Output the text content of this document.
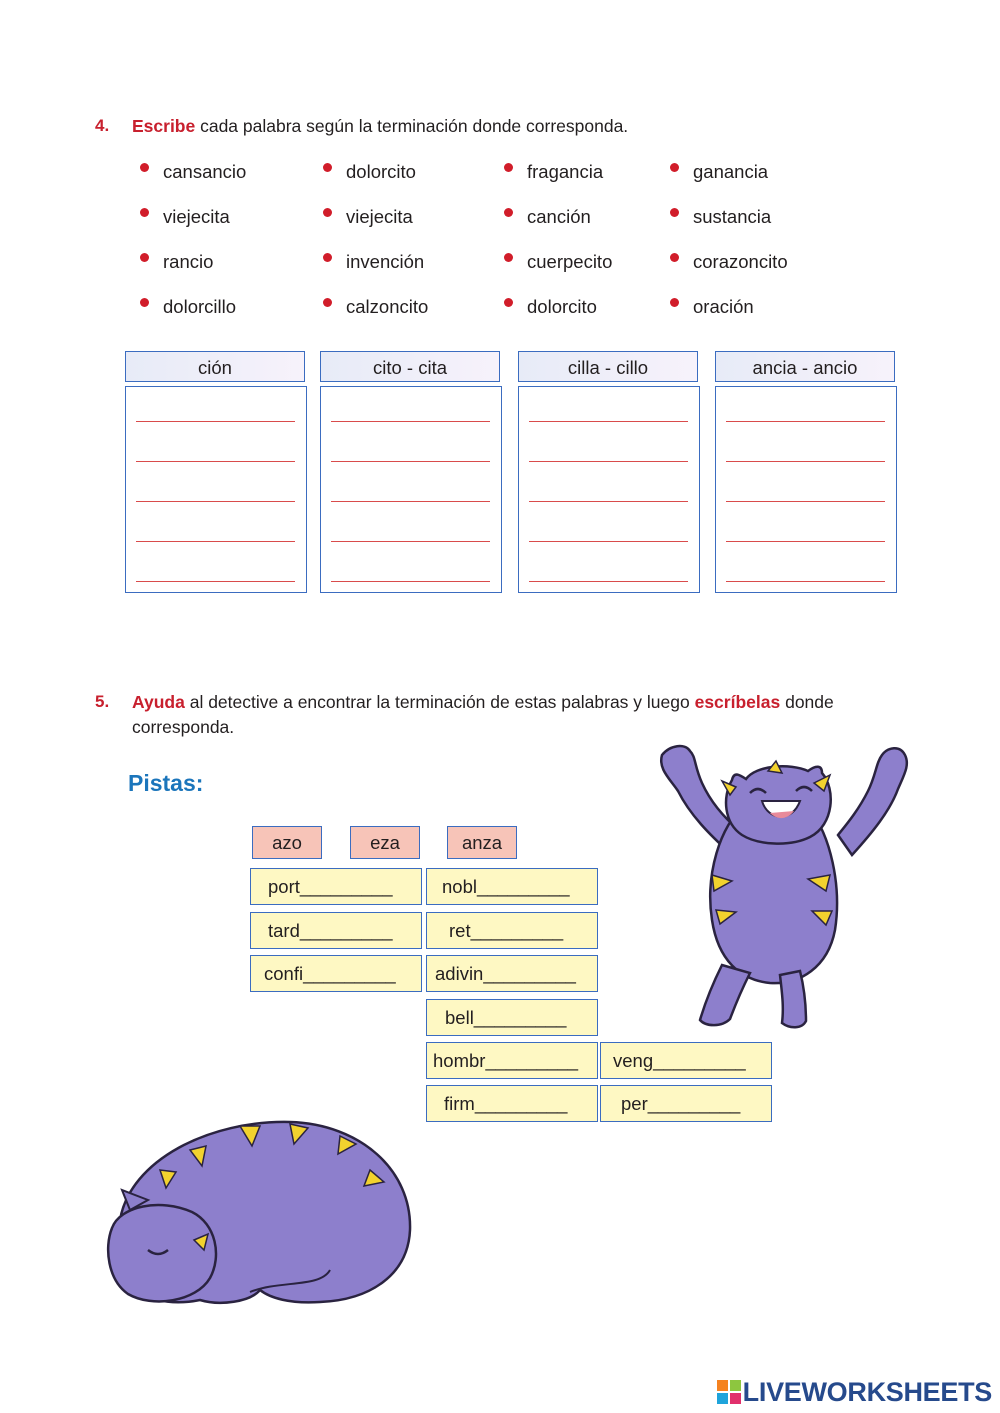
4. Escribe cada palabra según la terminación donde corresponda.
cansancio
viejecita
rancio
dolorcillo
dolorcito
viejecita
invención
calzoncito
fragancia
canción
cuerpecito
dolorcito
ganancia
sustancia
corazoncito
oración
ción	cito - cita	cilla - cillo	ancia - ancio
5. Ayuda al detective a encontrar la terminación de estas palabras y luego escríbelas donde
corresponda.
Pistas:
azo	eza	anza
port_________	nobl_________
tard_________	ret_________
confi_________	adivin_________
bell_________
hombr_________	veng_________
firm_________	per_________
LIVEWORKSHEETS
